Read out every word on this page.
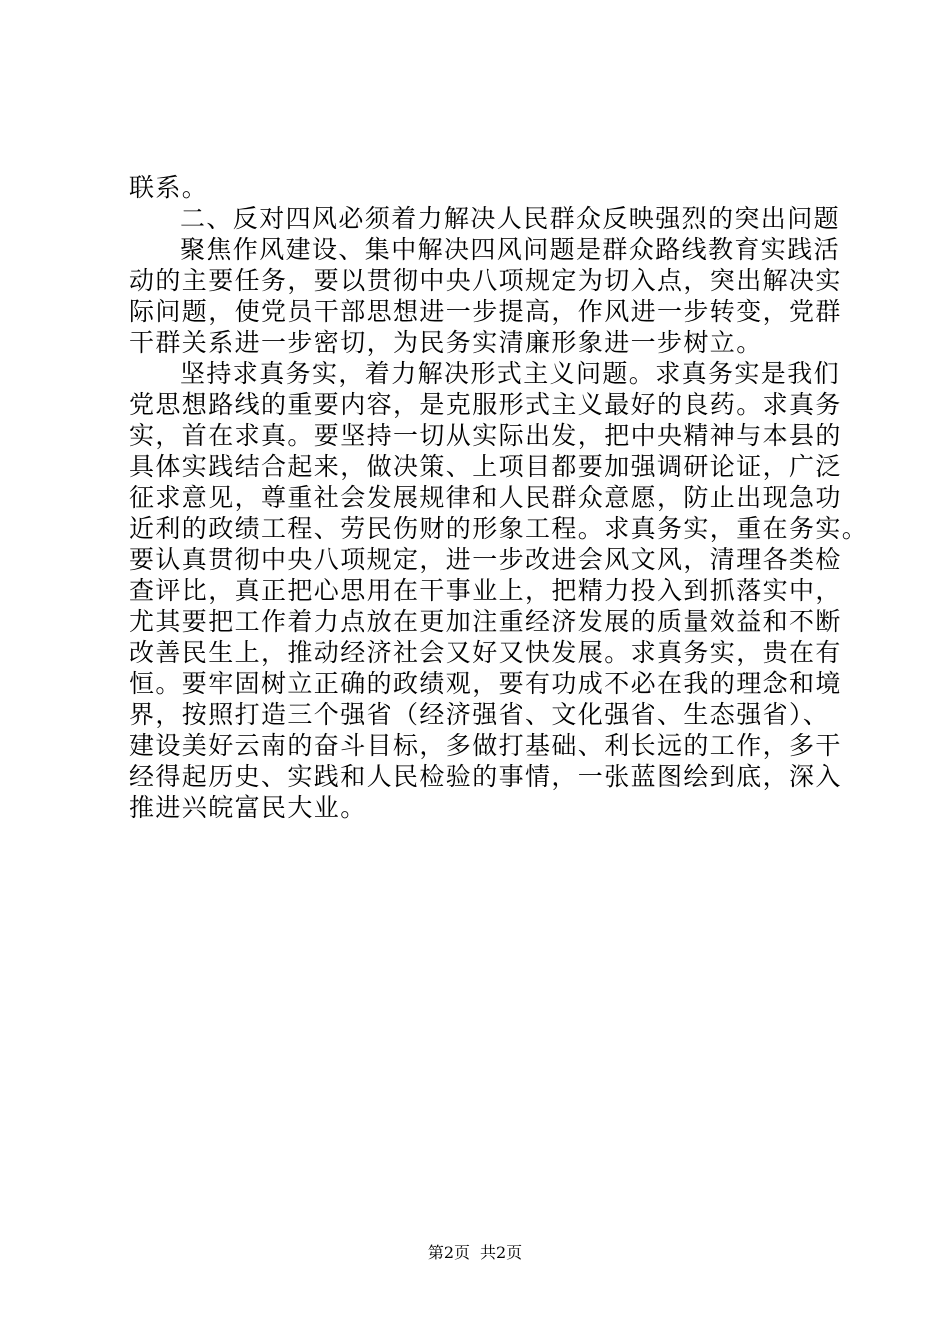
联系。
二、反对四风必须着力解决人民群众反映强烈的突出问题
聚焦作风建设、集中解决四风问题是群众路线教育实践活
动的主要任务，要以贯彻中央八项规定为切入点，突出解决实
际问题，使党员干部思想进一步提高，作风进一步转变，党群
干群关系进一步密切，为民务实清廉形象进一步树立。
坚持求真务实，着力解决形式主义问题。求真务实是我们
党思想路线的重要内容，是克服形式主义最好的良药。求真务
实，首在求真。要坚持一切从实际出发，把中央精神与本县的
具体实践结合起来，做决策、上项目都要加强调研论证，广泛
征求意见，尊重社会发展规律和人民群众意愿，防止出现急功
近利的政绩工程、劳民伤财的形象工程。求真务实，重在务实。
要认真贯彻中央八项规定，进一步改进会风文风，清理各类检
查评比，真正把心思用在干事业上，把精力投入到抓落实中，
尤其要把工作着力点放在更加注重经济发展的质量效益和不断
改善民生上，推动经济社会又好又快发展。求真务实，贵在有
恒。要牢固树立正确的政绩观，要有功成不必在我的理念和境
界，按照打造三个强省（经济强省、文化强省、生态强省）、
建设美好云南的奋斗目标，多做打基础、利长远的工作，多干
经得起历史、实践和人民检验的事情，一张蓝图绘到底，深入
推进兴皖富民大业。
第2页 共2页
